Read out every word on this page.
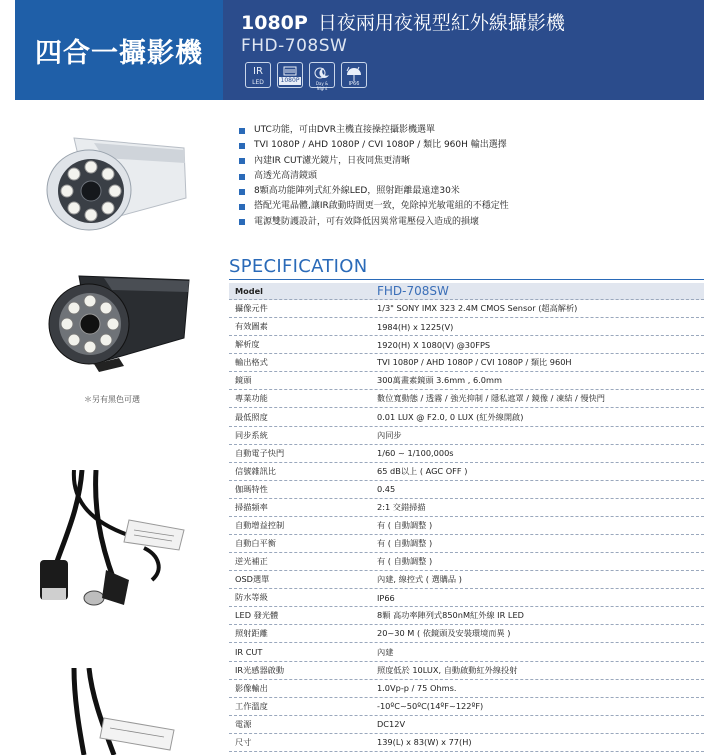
四合一攝影機
1080P 日夜兩用夜視型紅外線攝影機
FHD-708SW
IR
LED	1080P	Day & Night
IP66
＊另有黑色可選
UTC功能，可由DVR主機直接操控攝影機選單
TVI 1080P / AHD 1080P / CVI 1080P / 類比 960H 輸出選擇
內建IR CUT濾光鏡片，日夜同焦更清晰
高透光高清鏡頭
8顆高功能陣列式紅外線LED，照射距離最遠達30米
搭配光電晶體,讓IR啟動時間更一致，免除掉光敏電組的不穩定性
電源雙防護設計，可有效降低因異常電壓侵入造成的損壞
SPECIFICATION
Model	FHD-708SW
攝像元件	1/3" SONY IMX 323 2.4M CMOS Sensor (超高解析)
有效圖素	1984(H) x 1225(V)
解析度	1920(H) X 1080(V) @30FPS
輸出格式	TVI 1080P / AHD 1080P / CVI 1080P / 類比 960H
鏡頭	300萬畫素鏡頭 3.6mm , 6.0mm
專業功能	數位寬動態 / 透霧 / 強光抑制 / 隱私遮罩 / 鏡像 / 凍結 / 慢快門
最低照度	0.01 LUX @ F2.0, 0 LUX (紅外線開啟)
同步系統	內同步
自動電子快門	1/60 ~ 1/100,000s
信號雜訊比	65 dB以上 ( AGC OFF )
伽瑪特性	0.45
掃描頻率	2:1 交錯掃描
自動增益控制	有 ( 自動調整 )
自動白平衡	有 ( 自動調整 )
逆光補正	有 ( 自動調整 )
OSD選單	內建, 線控式 ( 選購品 )
防水等級	IP66
LED 發光體	8顆 高功率陣列式850nM紅外線 IR LED
照射距離	20~30 M ( 依鏡頭及安裝環境而異 )
IR CUT	內建
IR光感器啟動	照度低於 10LUX, 自動啟動紅外線投射
影像輸出	1.0Vp-p / 75 Ohms.
工作溫度	-10ºC~50ºC(14ºF~122ºF)
電源	DC12V
尺寸	139(L) x 83(W) x 77(H)
